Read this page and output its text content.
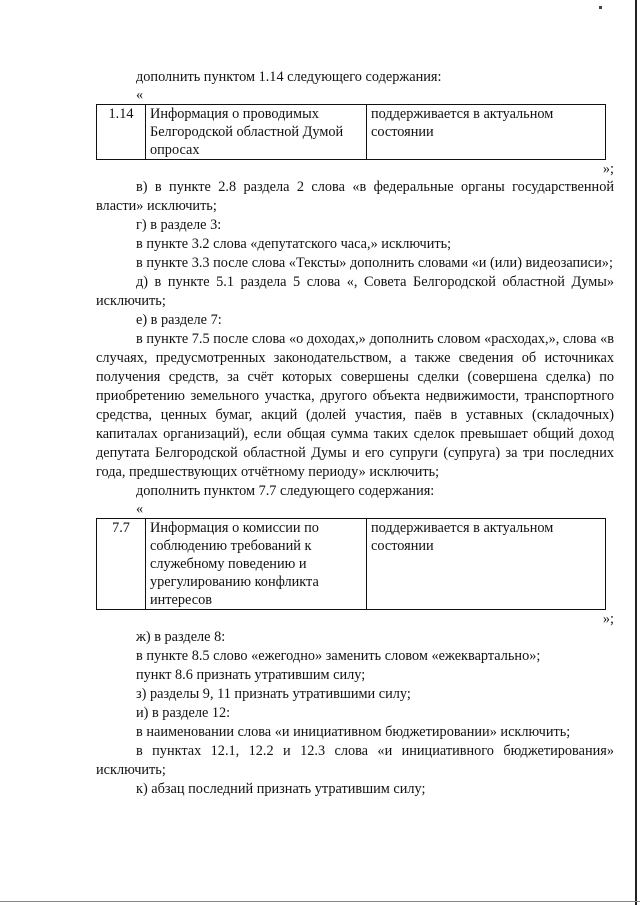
дополнить пунктом 1.14 следующего содержания:

«
1.14	Информация о проводимых Белгородской областной Думой опросах	поддерживается в актуальном состоянии
»;

в) в пункте 2.8 раздела 2 слова «в федеральные органы государственной власти» исключить;

г) в разделе 3:

в пункте 3.2 слова «депутатского часа,» исключить;

в пункте 3.3 после слова «Тексты» дополнить словами «и (или) видеозаписи»;

д) в пункте 5.1 раздела 5 слова «, Совета Белгородской областной Думы» исключить;

е) в разделе 7:

в пункте 7.5 после слова «о доходах,» дополнить словом «расходах,», слова «в случаях, предусмотренных законодательством, а также сведения об источниках получения средств, за счёт которых совершены сделки (совершена сделка) по приобретению земельного участка, другого объекта недвижимости, транспортного средства, ценных бумаг, акций (долей участия, паёв в уставных (складочных) капиталах организаций), если общая сумма таких сделок превышает общий доход депутата Белгородской областной Думы и его супруги (супруга) за три последних года, предшествующих отчётному периоду» исключить;

дополнить пунктом 7.7 следующего содержания:

«
7.7	Информация о комиссии по соблюдению требований к служебному поведению и урегулированию конфликта интересов	поддерживается в актуальном состоянии
»;

ж) в разделе 8:

в пункте 8.5 слово «ежегодно» заменить словом «ежеквартально»;

пункт 8.6 признать утратившим силу;

з) разделы 9, 11 признать утратившими силу;

и) в разделе 12:

в наименовании слова «и инициативном бюджетировании» исключить;

в пунктах 12.1, 12.2 и 12.3 слова «и инициативного бюджетирования» исключить;

к) абзац последний признать утратившим силу;
